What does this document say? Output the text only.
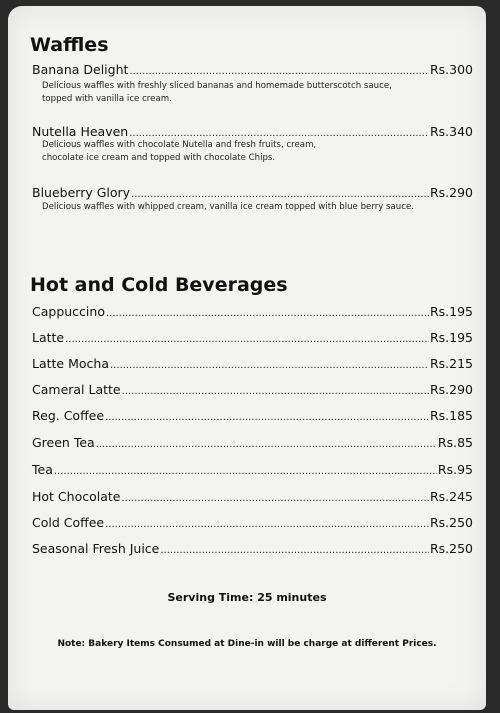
Waffles
Banana Delight .....	Rs.300
Delicious waffles with freshly sliced bananas and homemade butterscotch sauce,
topped with vanilla ice cream.
Nutella Heaven .....	Rs.340
Delicious waffles with chocolate Nutella and fresh fruits, cream,
chocolate ice cream and topped with chocolate Chips.
Blueberry Glory .....	Rs.290
Delicious waffles with whipped cream, vanilla ice cream topped with blue berry sauce.
Hot and Cold Beverages
Cappuccino .....	Rs.195
Latte .....	Rs.195
Latte Mocha .....	Rs.215
Cameral Latte .....	Rs.290
Reg. Coffee .....	Rs.185
Green Tea .....	Rs.85
Tea .....	Rs.95
Hot Chocolate .....	Rs.245
Cold Coffee .....	Rs.250
Seasonal Fresh Juice .....	Rs.250
Serving Time: 25 minutes
Note: Bakery Items Consumed at Dine-in will be charge at different Prices.
